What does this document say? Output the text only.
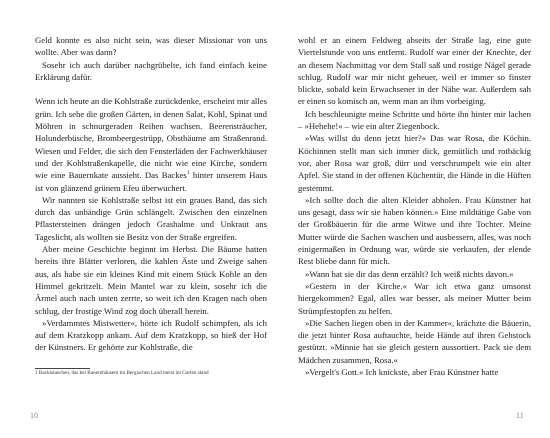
Geld konnte es also nicht sein, was dieser Missionar von uns wollte. Aber was dann?

Sosehr ich auch darüber nachgrübelte, ich fand einfach keine Erklärung dafür.

Wenn ich heute an die Kohlstraße zurückdenke, erscheint mir alles grün. Ich sehe die großen Gärten, in denen Salat, Kohl, Spinat und Möhren in schnurgeraden Reihen wachsen. Beerensträucher, Holunderbüsche, Brombeergestrüpp, Obstbäume am Straßenrand. Wiesen und Felder, die sich den Fensterläden der Fachwerkhäuser und der Kohlstraßenkapelle, die nicht wie eine Kirche, sondern wie eine Bauernkate aussieht. Das Backes$^1$ hinter unserem Haus ist von glänzend grünem Efeu überwuchert.

Wir nannten sie Kohlstraße selbst ist ein graues Band, das sich durch das unbändige Grün schlängelt. Zwischen den einzelnen Pflastersteinen drängen jedoch Grashalme und Unkraut ans Tageslicht, als wollten sie Besitz von der Straße ergreifen.

Aber meine Geschichte beginnt im Herbst. Die Bäume hatten bereits ihre Blätter verloren, die kahlen Äste und Zweige sahen aus, als habe sie ein kleines Kind mit einem Stück Kohle an den Himmel gekritzelt. Mein Mantel war zu klein, sosehr ich die Ärmel auch nach unten zerrte, so weit ich den Kragen nach oben schlug, der frostige Wind zog doch überall herein.

»Verdammtes Mistwetter«, hörte ich Rudolf schimpfen, als ich auf dem Kratzkopp ankam. Auf dem Kratzkopp, so hieß der Hof der Künstners. Er gehörte zur Kohlstraße, die

1 Backhäuschen, das bei Bauernhäusern im Bergischen Land meist im Garten stand
10

wohl er an einem Feldweg abseits der Straße lag, eine gute Viertelstunde von uns entfernt. Rudolf war einer der Knechte, der an diesem Nachmittag vor dem Stall saß und rostige Nägel gerade schlug. Rudolf war mir nicht geheuer, weil er immer so finster blickte, sobald kein Erwachsener in der Nähe war. Außerdem sah er einen so komisch an, wenn man an ihm vorbeiging.

Ich beschleunigte meine Schritte und hörte ihn hinter mir lachen – »Hehehe!« – wie ein alter Ziegenbock.

»Was willst du denn jetzt hier?« Das war Rosa, die Köchin. Köchinnen stellt man sich immer dick, gemütlich und rotbäckig vor, aber Rosa war groß, dürr und verschrumpelt wie ein alter Apfel. Sie stand in der offenen Küchentür, die Hände in die Hüften gestemmt.

»Ich sollte doch die alten Kleider abholen. Frau Künstner hat uns gesagt, dass wir sie haben können.« Eine mildtätige Gabe von der Großbäuerin für die arme Witwe und ihre Tochter. Meine Mutter würde die Sachen waschen und ausbessern, alles, was noch einigermaßen in Ordnung war, würde sie verkaufen, der elende Rest bliebe dann für mich.

»Wann hat sie dir das denn erzählt? Ich weiß nichts davon.«

»Gestern in der Kirche.« War ich etwa ganz umsonst hiergekommen? Egal, alles war besser, als meiner Mutter beim Strümpfestopfen zu helfen.

»Die Sachen liegen oben in der Kammer«, krächzte die Bäuerin, die jetzt hinter Rosa auftauchte, beide Hände auf ihren Gehstock gestützt. »Minnie hat sie gleich gestern aussortiert. Pack sie dem Mädchen zusammen, Rosa.«

»Vergelt's Gott.« Ich knickste, aber Frau Künstner hatte

11
